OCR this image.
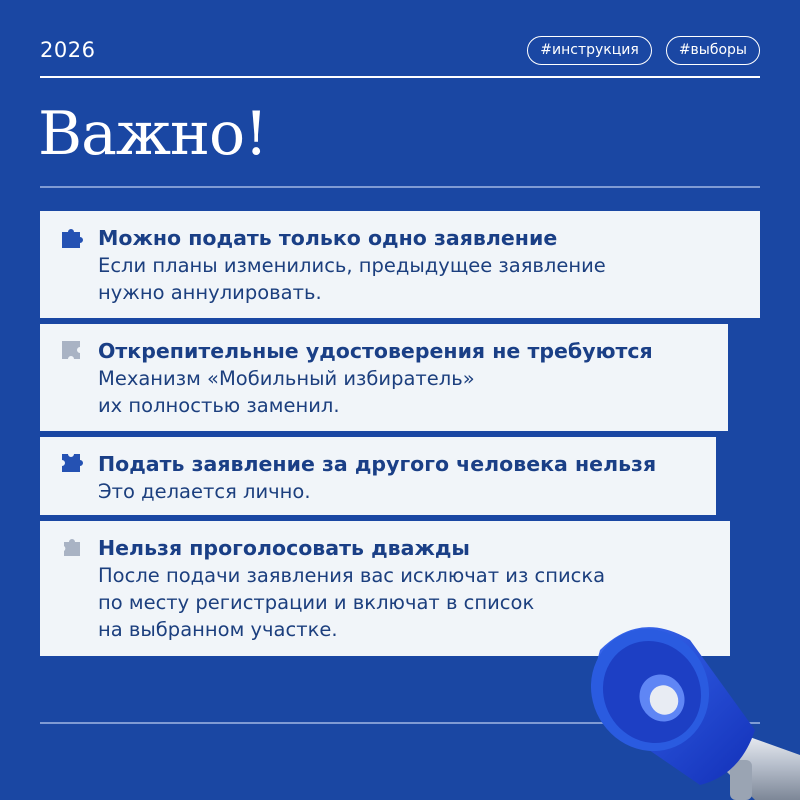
2026	#инструкция	#выборы
Важно!
Можно подать только одно заявление
Если планы изменились, предыдущее заявление
нужно аннулировать.
Открепительные удостоверения не требуются
Механизм «Мобильный избиратель»
их полностью заменил.
Подать заявление за другого человека нельзя
Это делается лично.
Нельзя проголосовать дважды
После подачи заявления вас исключат из списка
по месту регистрации и включат в список
на выбранном участке.
